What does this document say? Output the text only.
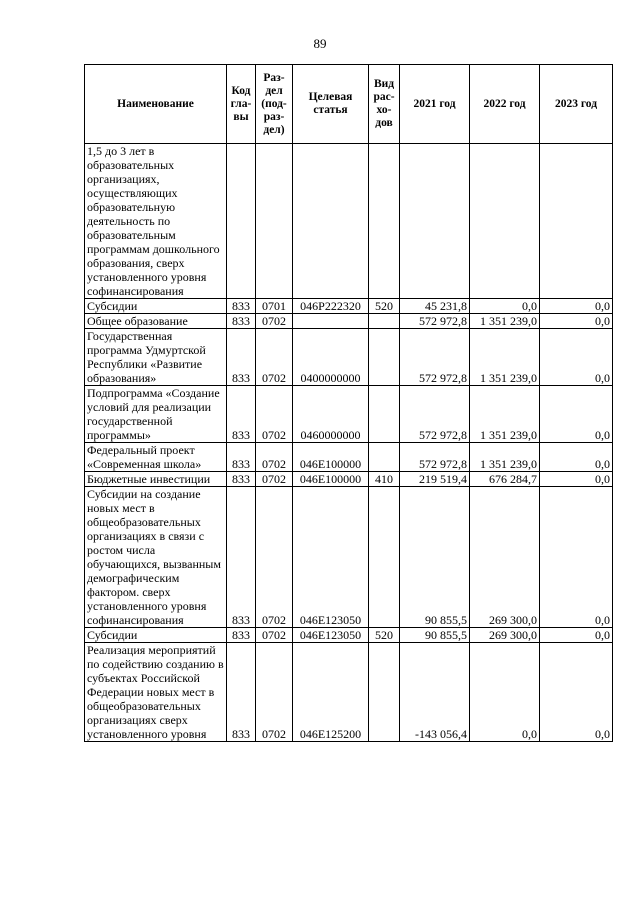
89
Наименование	Код гла-вы	Раз-дел (под-раз-дел)	Целевая статья	Вид рас-хо-дов	2021 год	2022 год	2023 год
1,5 до 3 лет в образовательных организациях, осуществляющих образовательную деятельность по образовательным программам дошкольного образования, сверх установленного уровня софинансирования							
Субсидии	833	0701	046P222320	520	45 231,8	0,0	0,0
Общее образование	833	0702			572 972,8	1 351 239,0	0,0
Государственная программа Удмуртской Республики «Развитие образования»	833	0702	0400000000		572 972,8	1 351 239,0	0,0
Подпрограмма «Создание условий для реализации государственной программы»	833	0702	0460000000		572 972,8	1 351 239,0	0,0
Федеральный проект «Современная школа»	833	0702	046E100000		572 972,8	1 351 239,0	0,0
Бюджетные инвестиции	833	0702	046E100000	410	219 519,4	676 284,7	0,0
Субсидии на создание новых мест в общеобразовательных организациях в связи с ростом числа обучающихся, вызванным демографическим фактором. сверх установленного уровня софинансирования	833	0702	046E123050		90 855,5	269 300,0	0,0
Субсидии	833	0702	046E123050	520	90 855,5	269 300,0	0,0
Реализация мероприятий по содействию созданию в субъектах Российской Федерации новых мест в общеобразовательных организациях сверх установленного уровня	833	0702	046E125200		-143 056,4	0,0	0,0
